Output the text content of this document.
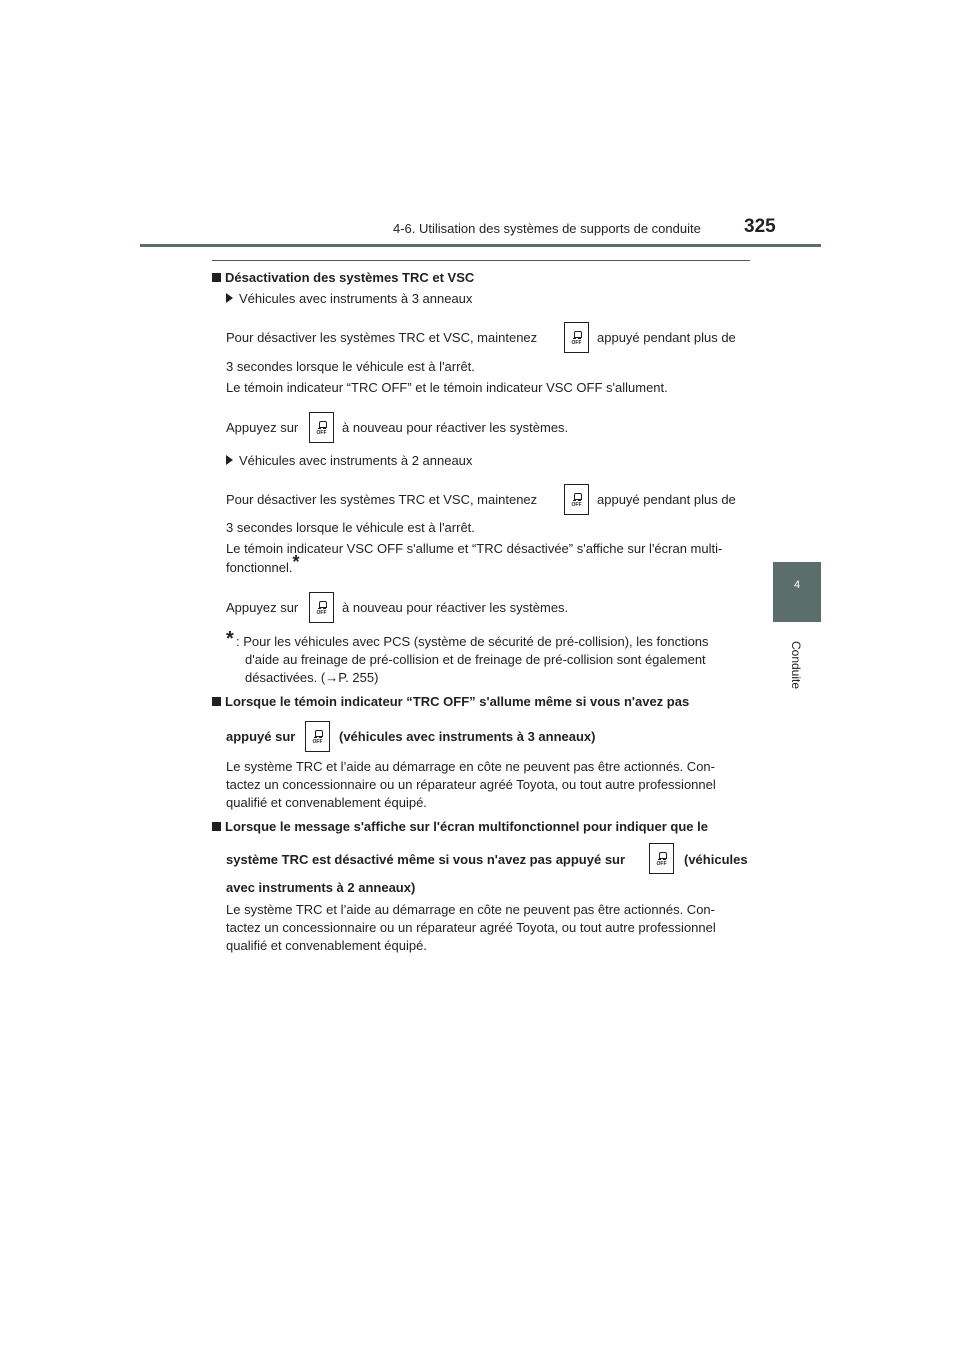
4-6. Utilisation des systèmes de supports de conduite 325
4
Conduite
Désactivation des systèmes TRC et VSC
Véhicules avec instruments à 3 anneaux
Pour désactiver les systèmes TRC et VSC, maintenez	OFF	appuyé pendant plus de
3 secondes lorsque le véhicule est à l'arrêt.
Le témoin indicateur “TRC OFF” et le témoin indicateur VSC OFF s'allument.
Appuyez sur	OFF	à nouveau pour réactiver les systèmes.
Véhicules avec instruments à 2 anneaux
Pour désactiver les systèmes TRC et VSC, maintenez	OFF	appuyé pendant plus de
3 secondes lorsque le véhicule est à l'arrêt.
Le témoin indicateur VSC OFF s'allume et “TRC désactivée” s'affiche sur l'écran multi-
fonctionnel.*
Appuyez sur	OFF	à nouveau pour réactiver les systèmes.
* : Pour les véhicules avec PCS (système de sécurité de pré-collision), les fonctions
d'aide au freinage de pré-collision et de freinage de pré-collision sont également
désactivées. (→P. 255)
Lorsque le témoin indicateur “TRC OFF” s'allume même si vous n'avez pas
appuyé sur	OFF	(véhicules avec instruments à 3 anneaux)
Le système TRC et l’aide au démarrage en côte ne peuvent pas être actionnés. Con-
tactez un concessionnaire ou un réparateur agréé Toyota, ou tout autre professionnel
qualifié et convenablement équipé.
Lorsque le message s'affiche sur l'écran multifonctionnel pour indiquer que le
système TRC est désactivé même si vous n'avez pas appuyé sur	OFF	(véhicules
avec instruments à 2 anneaux)
Le système TRC et l’aide au démarrage en côte ne peuvent pas être actionnés. Con-
tactez un concessionnaire ou un réparateur agréé Toyota, ou tout autre professionnel
qualifié et convenablement équipé.
